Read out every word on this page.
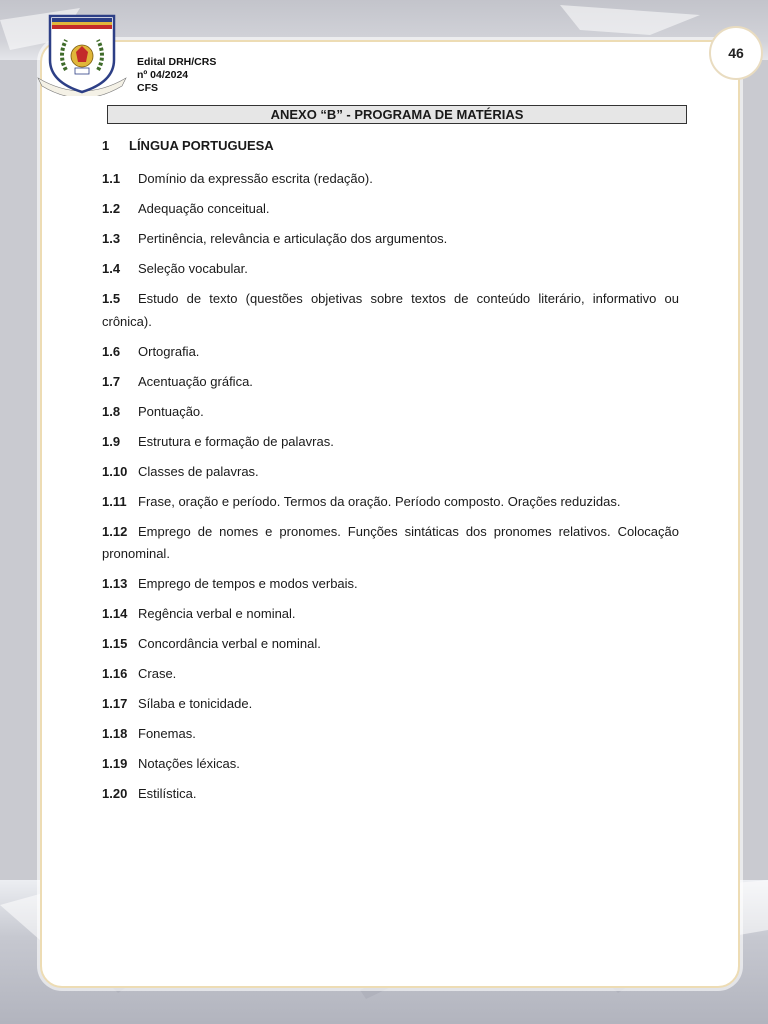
46
Edital DRH/CRS
nº 04/2024
CFS
ANEXO “B” - PROGRAMA DE MATÉRIAS
1 LÍNGUA PORTUGUESA
1.1 Domínio da expressão escrita (redação).
1.2 Adequação conceitual.
1.3 Pertinência, relevância e articulação dos argumentos.
1.4 Seleção vocabular.
1.5 Estudo de texto (questões objetivas sobre textos de conteúdo literário, informativo ou crônica).
1.6 Ortografia.
1.7 Acentuação gráfica.
1.8 Pontuação.
1.9 Estrutura e formação de palavras.
1.10 Classes de palavras.
1.11 Frase, oração e período. Termos da oração. Período composto. Orações reduzidas.
1.12 Emprego de nomes e pronomes. Funções sintáticas dos pronomes relativos. Colocação pronominal.
1.13 Emprego de tempos e modos verbais.
1.14 Regência verbal e nominal.
1.15 Concordância verbal e nominal.
1.16 Crase.
1.17 Sílaba e tonicidade.
1.18 Fonemas.
1.19 Notações léxicas.
1.20 Estilística.
